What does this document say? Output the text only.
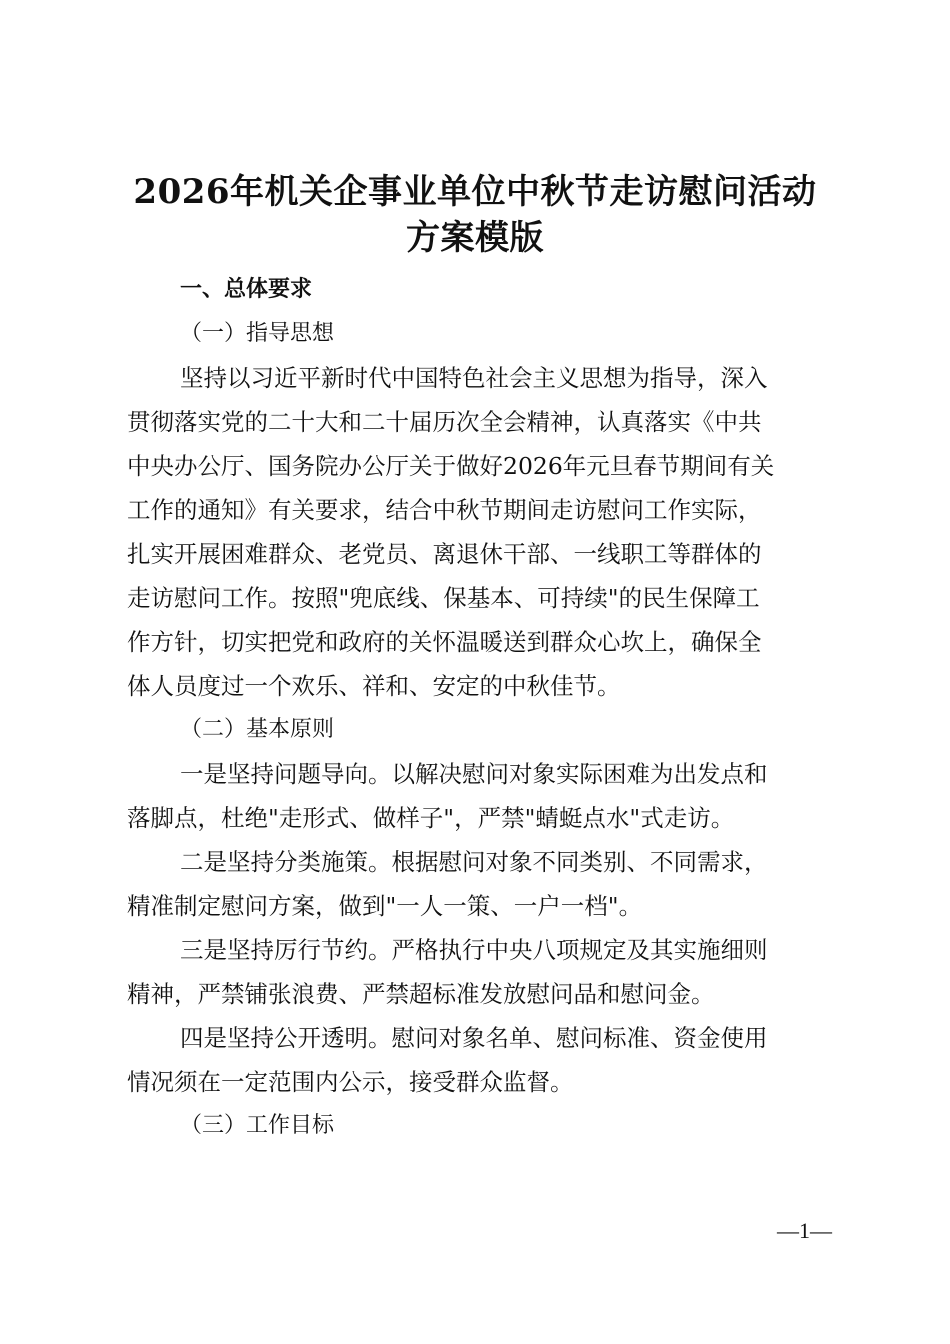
2026年机关企事业单位中秋节走访慰问活动
方案模版
一、总体要求
（一）指导思想
坚持以习近平新时代中国特色社会主义思想为指导，深入
贯彻落实党的二十大和二十届历次全会精神，认真落实《中共
中央办公厅、国务院办公厅关于做好2026年元旦春节期间有关
工作的通知》有关要求，结合中秋节期间走访慰问工作实际，
扎实开展困难群众、老党员、离退休干部、一线职工等群体的
走访慰问工作。按照"兜底线、保基本、可持续"的民生保障工
作方针，切实把党和政府的关怀温暖送到群众心坎上，确保全
体人员度过一个欢乐、祥和、安定的中秋佳节。
（二）基本原则
一是坚持问题导向。以解决慰问对象实际困难为出发点和
落脚点，杜绝"走形式、做样子"，严禁"蜻蜓点水"式走访。
二是坚持分类施策。根据慰问对象不同类别、不同需求，
精准制定慰问方案，做到"一人一策、一户一档"。
三是坚持厉行节约。严格执行中央八项规定及其实施细则
精神，严禁铺张浪费、严禁超标准发放慰问品和慰问金。
四是坚持公开透明。慰问对象名单、慰问标准、资金使用
情况须在一定范围内公示，接受群众监督。
（三）工作目标
—1—
